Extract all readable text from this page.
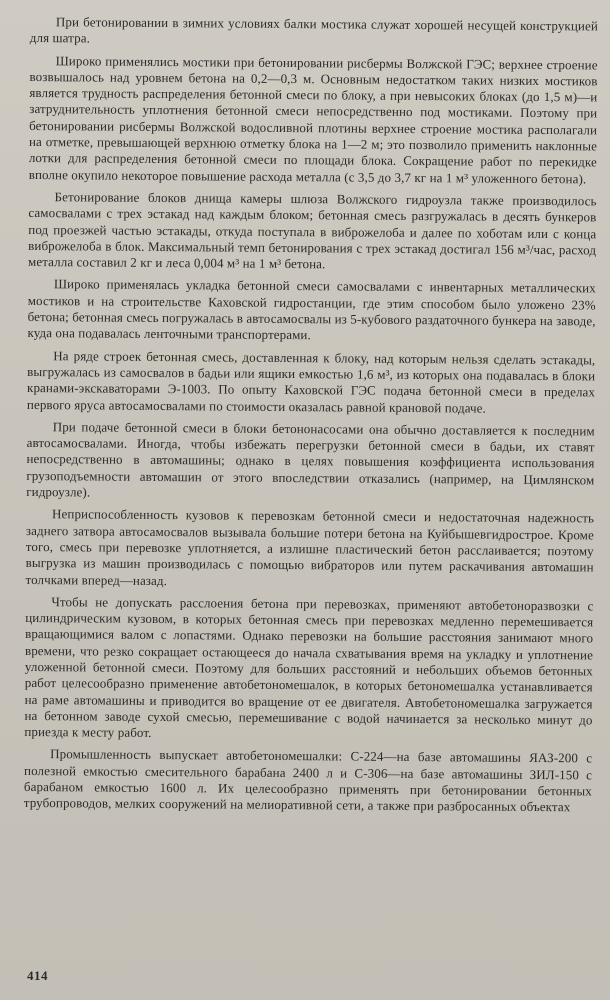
При бетонировании в зимних условиях балки мостика служат хорошей несущей конструкцией для шатра.

Широко применялись мостики при бетонировании рисбермы Волжской ГЭС; верхнее строение возвышалось над уровнем бетона на 0,2—0,3 м. Основным недостатком таких низких мостиков является трудность распределения бетонной смеси по блоку, а при невысоких блоках (до 1,5 м)—и затруднительность уплотнения бетонной смеси непосредственно под мостиками. Поэтому при бетонировании рисбермы Волжской водосливной плотины верхнее строение мостика располагали на отметке, превышающей верхнюю отметку блока на 1—2 м; это позволило применить наклонные лотки для распределения бетонной смеси по площади блока. Сокращение работ по перекидке вполне окупило некоторое повышение расхода металла (с 3,5 до 3,7 кг на 1 м³ уложенного бетона).

Бетонирование блоков днища камеры шлюза Волжского гидроузла также производилось самосвалами с трех эстакад над каждым блоком; бетонная смесь разгружалась в десять бункеров под проезжей частью эстакады, откуда поступала в виброжелоба и далее по хоботам или с конца виброжелоба в блок. Максимальный темп бетонирования с трех эстакад достигал 156 м³/час, расход металла составил 2 кг и леса 0,004 м³ на 1 м³ бетона.

Широко применялась укладка бетонной смеси самосвалами с инвентарных металлических мостиков и на строительстве Каховской гидростанции, где этим способом было уложено 23% бетона; бетонная смесь погружалась в автосамосвалы из 5-кубового раздаточного бункера на заводе, куда она подавалась ленточными транспортерами.

На ряде строек бетонная смесь, доставленная к блоку, над которым нельзя сделать эстакады, выгружалась из самосвалов в бадьи или ящики емкостью 1,6 м³, из которых она подавалась в блоки кранами-экскаваторами Э-1003. По опыту Каховской ГЭС подача бетонной смеси в пределах первого яруса автосамосвалами по стоимости оказалась равной крановой подаче.

При подаче бетонной смеси в блоки бетононасосами она обычно доставляется к последним автосамосвалами. Иногда, чтобы избежать перегрузки бетонной смеси в бадьи, их ставят непосредственно в автомашины; однако в целях повышения коэффициента использования грузоподъемности автомашин от этого впоследствии отказались (например, на Цимлянском гидроузле).

Неприспособленность кузовов к перевозкам бетонной смеси и недостаточная надежность заднего затвора автосамосвалов вызывала большие потери бетона на Куйбышевгидрострое. Кроме того, смесь при перевозке уплотняется, а излишне пластический бетон расслаивается; поэтому выгрузка из машин производилась с помощью вибраторов или путем раскачивания автомашин толчками вперед—назад.

Чтобы не допускать расслоения бетона при перевозках, применяют автобетоноразвозки с цилиндрическим кузовом, в которых бетонная смесь при перевозках медленно перемешивается вращающимися валом с лопастями. Однако перевозки на большие расстояния занимают много времени, что резко сокращает остающееся до начала схватывания время на укладку и уплотнение уложенной бетонной смеси. Поэтому для больших расстояний и небольших объемов бетонных работ целесообразно применение автобетономешалок, в которых бетономешалка устанавливается на раме автомашины и приводится во вращение от ее двигателя. Автобетономешалка загружается на бетонном заводе сухой смесью, перемешивание с водой начинается за несколько минут до приезда к месту работ.

Промышленность выпускает автобетономешалки: С-224—на базе автомашины ЯАЗ-200 с полезной емкостью смесительного барабана 2400 л и С-306—на базе автомашины ЗИЛ-150 с барабаном емкостью 1600 л. Их целесообразно применять при бетонировании бетонных трубопроводов, мелких сооружений на мелиоративной сети, а также при разбросанных объектах

414
